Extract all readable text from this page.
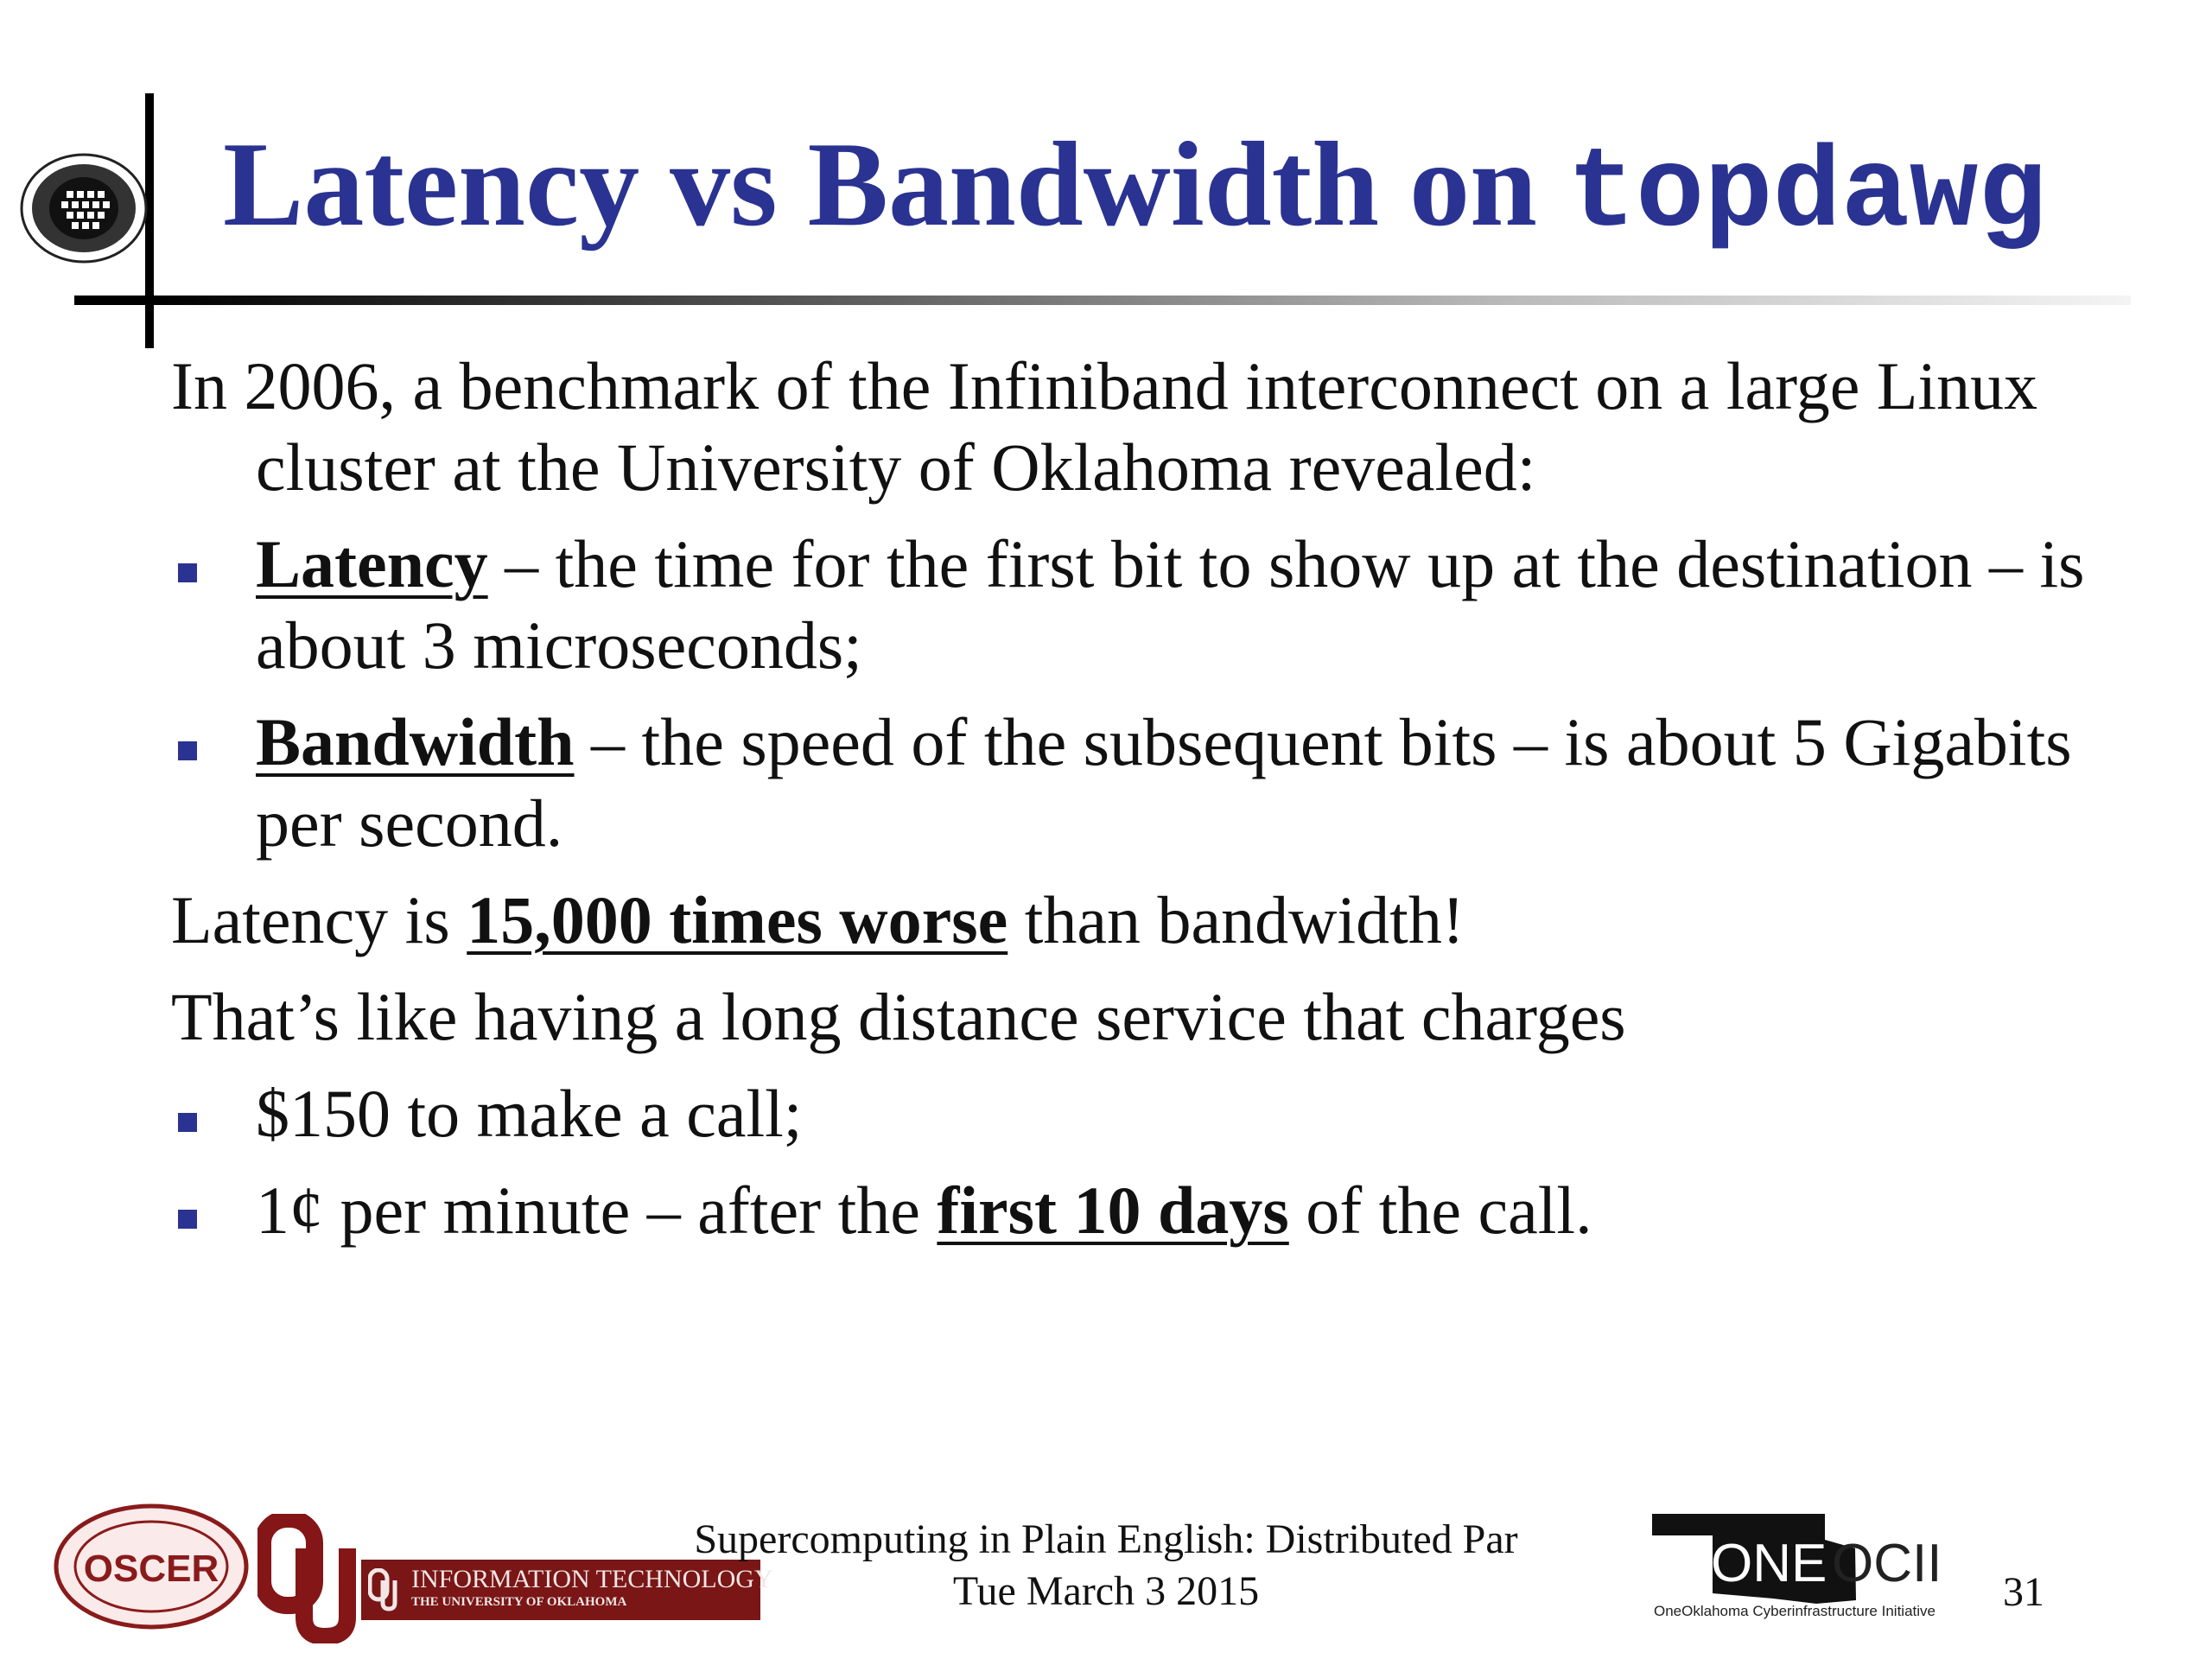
Latency vs Bandwidth on topdawg
In 2006, a benchmark of the Infiniband interconnect on a large Linux cluster at the University of Oklahoma revealed:
Latency – the time for the first bit to show up at the destination – is about 3 microseconds;
Bandwidth – the speed of the subsequent bits – is about 5 Gigabits per second.
Latency is 15,000 times worse than bandwidth!
That’s like having a long distance service that charges
$150 to make a call;
1¢ per minute – after the first 10 days of the call.
OSCER	INFORMATION TECHNOLOGY
THE UNIVERSITY OF OKLAHOMA
Supercomputing in Plain English: Distributed Par
Tue March 3 2015	ONE OCII
OneOklahoma Cyberinfrastructure Initiative 31
